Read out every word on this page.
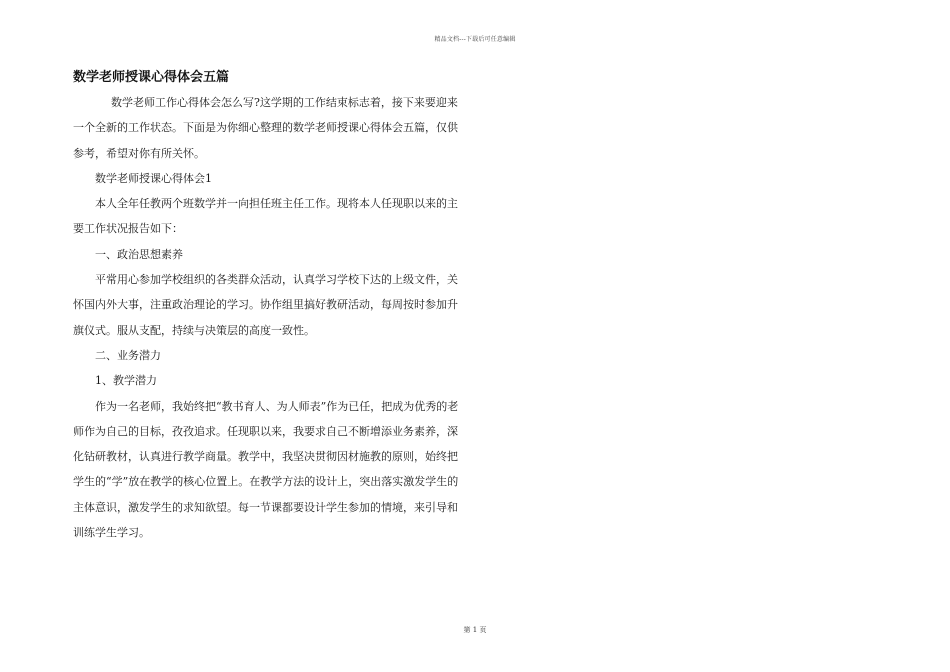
精品文档---下载后可任意编辑
数学老师授课心得体会五篇

数学老师工作心得体会怎么写?这学期的工作结束标志着，接下来要迎来一个全新的工作状态。下面是为你细心整理的数学老师授课心得体会五篇，仅供参考，希望对你有所关怀。

数学老师授课心得体会1

本人全年任教两个班数学并一向担任班主任工作。现将本人任现职以来的主要工作状况报告如下：

一、政治思想素养

平常用心参加学校组织的各类群众活动，认真学习学校下达的上级文件，关怀国内外大事，注重政治理论的学习。协作组里搞好教研活动，每周按时参加升旗仪式。服从支配，持续与决策层的高度一致性。

二、业务潜力

1、教学潜力

作为一名老师，我始终把“教书育人、为人师表”作为已任，把成为优秀的老师作为自己的目标，孜孜追求。任现职以来，我要求自己不断增添业务素养，深化钻研教材，认真进行教学商量。教学中，我坚决贯彻因材施教的原则，始终把学生的“学”放在教学的核心位置上。在教学方法的设计上，突出落实激发学生的主体意识，激发学生的求知欲望。每一节课都要设计学生参加的情境，来引导和训练学生学习。

第 1 页
